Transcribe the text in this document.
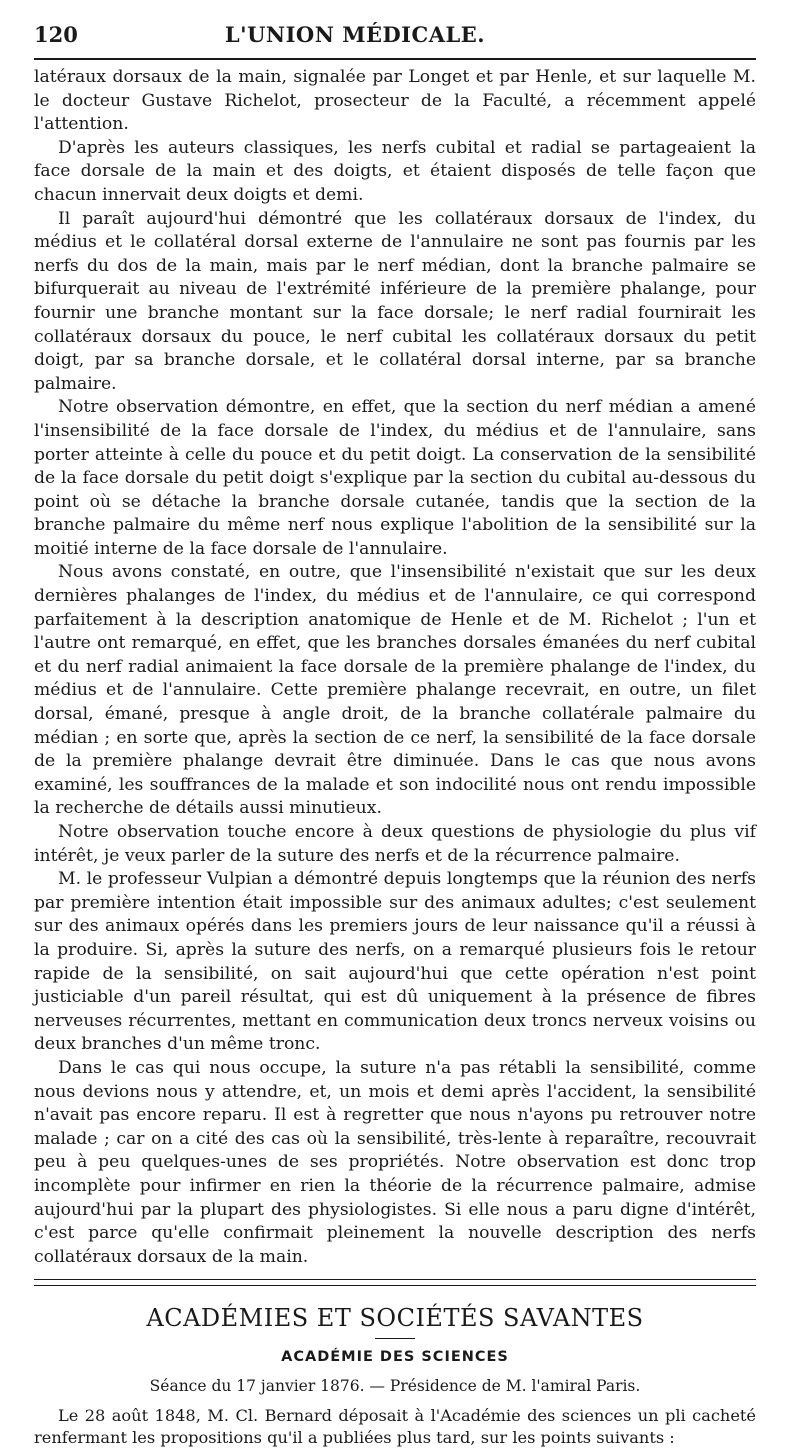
120	L'UNION MÉDICALE.

latéraux dorsaux de la main, signalée par Longet et par Henle, et sur laquelle M. le docteur Gustave Richelot, prosecteur de la Faculté, a récemment appelé l'attention.

D'après les auteurs classiques, les nerfs cubital et radial se partageaient la face dorsale de la main et des doigts, et étaient disposés de telle façon que chacun innervait deux doigts et demi.

Il paraît aujourd'hui démontré que les collatéraux dorsaux de l'index, du médius et le collatéral dorsal externe de l'annulaire ne sont pas fournis par les nerfs du dos de la main, mais par le nerf médian, dont la branche palmaire se bifurquerait au niveau de l'extrémité inférieure de la première phalange, pour fournir une branche montant sur la face dorsale; le nerf radial fournirait les collatéraux dorsaux du pouce, le nerf cubital les collatéraux dorsaux du petit doigt, par sa branche dorsale, et le collatéral dorsal interne, par sa branche palmaire.

Notre observation démontre, en effet, que la section du nerf médian a amené l'insensibilité de la face dorsale de l'index, du médius et de l'annulaire, sans porter atteinte à celle du pouce et du petit doigt. La conservation de la sensibilité de la face dorsale du petit doigt s'explique par la section du cubital au-dessous du point où se détache la branche dorsale cutanée, tandis que la section de la branche palmaire du même nerf nous explique l'abolition de la sensibilité sur la moitié interne de la face dorsale de l'annulaire.

Nous avons constaté, en outre, que l'insensibilité n'existait que sur les deux dernières phalanges de l'index, du médius et de l'annulaire, ce qui correspond parfaitement à la description anatomique de Henle et de M. Richelot ; l'un et l'autre ont remarqué, en effet, que les branches dorsales émanées du nerf cubital et du nerf radial animaient la face dorsale de la première phalange de l'index, du médius et de l'annulaire. Cette première phalange recevrait, en outre, un filet dorsal, émané, presque à angle droit, de la branche collatérale palmaire du médian ; en sorte que, après la section de ce nerf, la sensibilité de la face dorsale de la première phalange devrait être diminuée. Dans le cas que nous avons examiné, les souffrances de la malade et son indocilité nous ont rendu impossible la recherche de détails aussi minutieux.

Notre observation touche encore à deux questions de physiologie du plus vif intérêt, je veux parler de la suture des nerfs et de la récurrence palmaire.

M. le professeur Vulpian a démontré depuis longtemps que la réunion des nerfs par première intention était impossible sur des animaux adultes; c'est seulement sur des animaux opérés dans les premiers jours de leur naissance qu'il a réussi à la produire. Si, après la suture des nerfs, on a remarqué plusieurs fois le retour rapide de la sensibilité, on sait aujourd'hui que cette opération n'est point justiciable d'un pareil résultat, qui est dû uniquement à la présence de fibres nerveuses récurrentes, mettant en communication deux troncs nerveux voisins ou deux branches d'un même tronc.

Dans le cas qui nous occupe, la suture n'a pas rétabli la sensibilité, comme nous devions nous y attendre, et, un mois et demi après l'accident, la sensibilité n'avait pas encore reparu. Il est à regretter que nous n'ayons pu retrouver notre malade ; car on a cité des cas où la sensibilité, très-lente à reparaître, recouvrait peu à peu quelques-unes de ses propriétés. Notre observation est donc trop incomplète pour infirmer en rien la théorie de la récurrence palmaire, admise aujourd'hui par la plupart des physiologistes. Si elle nous a paru digne d'intérêt, c'est parce qu'elle confirmait pleinement la nouvelle description des nerfs collatéraux dorsaux de la main.

ACADÉMIES ET SOCIÉTÉS SAVANTES
ACADÉMIE DES SCIENCES
Séance du 17 janvier 1876. — Présidence de M. l'amiral Paris.

Le 28 août 1848, M. Cl. Bernard déposait à l'Académie des sciences un pli cacheté renfermant les propositions qu'il a publiées plus tard, sur les points suivants :
